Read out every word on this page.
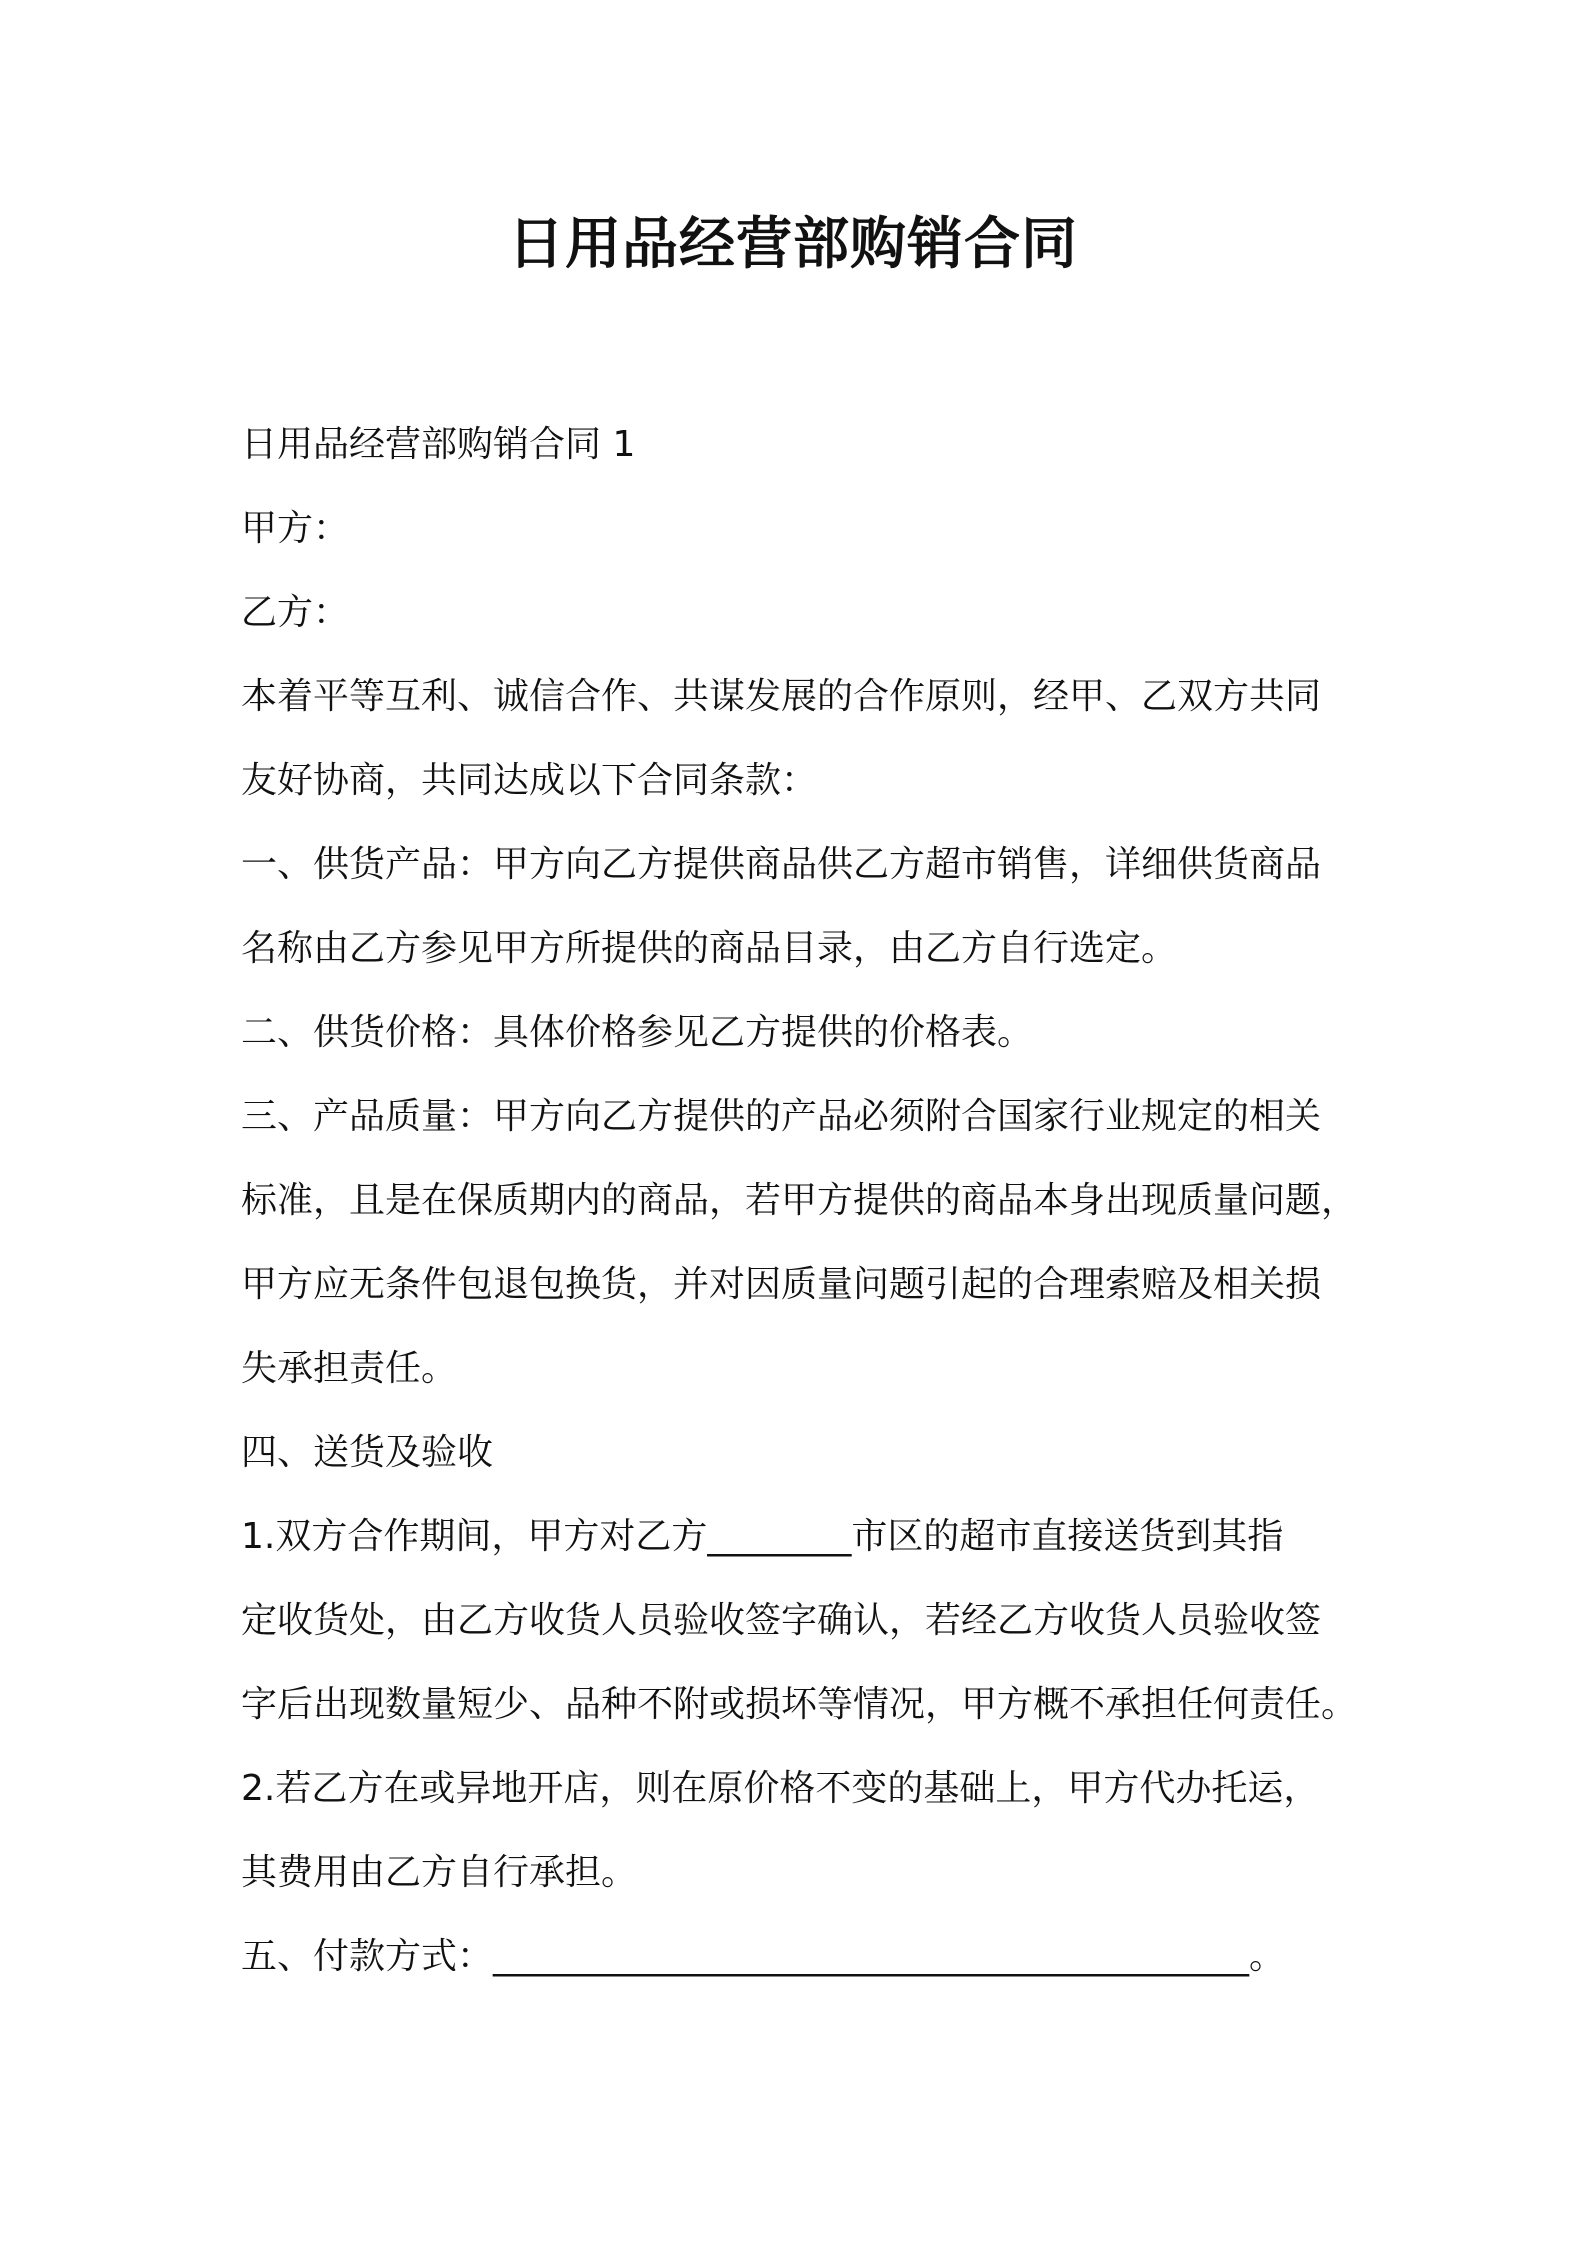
日用品经营部购销合同

日用品经营部购销合同 1

甲方：

乙方：

本着平等互利、诚信合作、共谋发展的合作原则，经甲、乙双方共同

友好协商，共同达成以下合同条款：

一、供货产品：甲方向乙方提供商品供乙方超市销售，详细供货商品

名称由乙方参见甲方所提供的商品目录，由乙方自行选定。

二、供货价格：具体价格参见乙方提供的价格表。

三、产品质量：甲方向乙方提供的产品必须附合国家行业规定的相关

标准，且是在保质期内的商品，若甲方提供的商品本身出现质量问题，

甲方应无条件包退包换货，并对因质量问题引起的合理索赔及相关损

失承担责任。

四、送货及验收

1.双方合作期间，甲方对乙方________市区的超市直接送货到其指

定收货处，由乙方收货人员验收签字确认，若经乙方收货人员验收签

字后出现数量短少、品种不附或损坏等情况，甲方概不承担任何责任。

2.若乙方在或异地开店，则在原价格不变的基础上，甲方代办托运，

其费用由乙方自行承担。

五、付款方式：__________________________________________。
